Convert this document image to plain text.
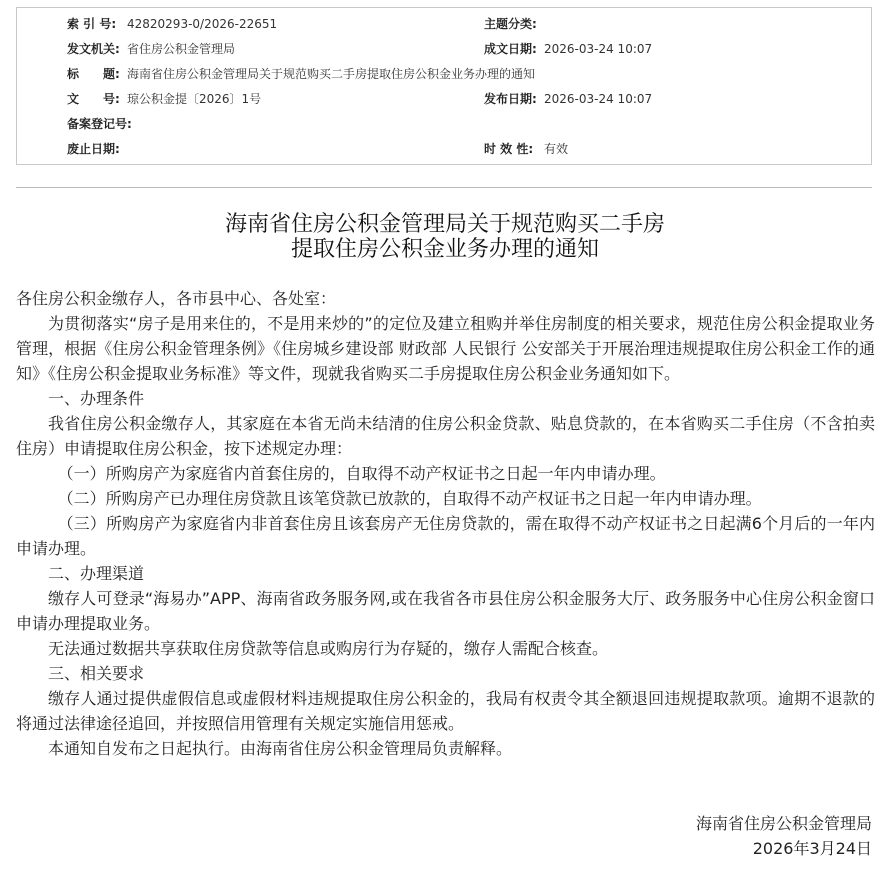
索 引 号: 42820293-0/2026-22651	主题分类:
发文机关: 省住房公积金管理局	成文日期: 2026-03-24 10:07
标　　题: 海南省住房公积金管理局关于规范购买二手房提取住房公积金业务办理的通知
文　　号: 琼公积金提〔2026〕1号	发布日期: 2026-03-24 10:07
备案登记号:
废止日期:	时 效 性: 有效
海南省住房公积金管理局关于规范购买二手房
提取住房公积金业务办理的通知

各住房公积金缴存人，各市县中心、各处室：

为贯彻落实“房子是用来住的，不是用来炒的”的定位及建立租购并举住房制度的相关要求，规范住房公积金提取业务管理，根据《住房公积金管理条例》《住房城乡建设部 财政部 人民银行 公安部关于开展治理违规提取住房公积金工作的通知》《住房公积金提取业务标准》等文件，现就我省购买二手房提取住房公积金业务通知如下。

一、办理条件

我省住房公积金缴存人，其家庭在本省无尚未结清的住房公积金贷款、贴息贷款的，在本省购买二手住房（不含拍卖住房）申请提取住房公积金，按下述规定办理：

（一）所购房产为家庭省内首套住房的，自取得不动产权证书之日起一年内申请办理。

（二）所购房产已办理住房贷款且该笔贷款已放款的，自取得不动产权证书之日起一年内申请办理。

（三）所购房产为家庭省内非首套住房且该套房产无住房贷款的，需在取得不动产权证书之日起满6个月后的一年内申请办理。

二、办理渠道

缴存人可登录“海易办”APP、海南省政务服务网,或在我省各市县住房公积金服务大厅、政务服务中心住房公积金窗口申请办理提取业务。

无法通过数据共享获取住房贷款等信息或购房行为存疑的，缴存人需配合核查。

三、相关要求

缴存人通过提供虚假信息或虚假材料违规提取住房公积金的，我局有权责令其全额退回违规提取款项。逾期不退款的将通过法律途径追回，并按照信用管理有关规定实施信用惩戒。

本通知自发布之日起执行。由海南省住房公积金管理局负责解释。

海南省住房公积金管理局
2026年3月24日
